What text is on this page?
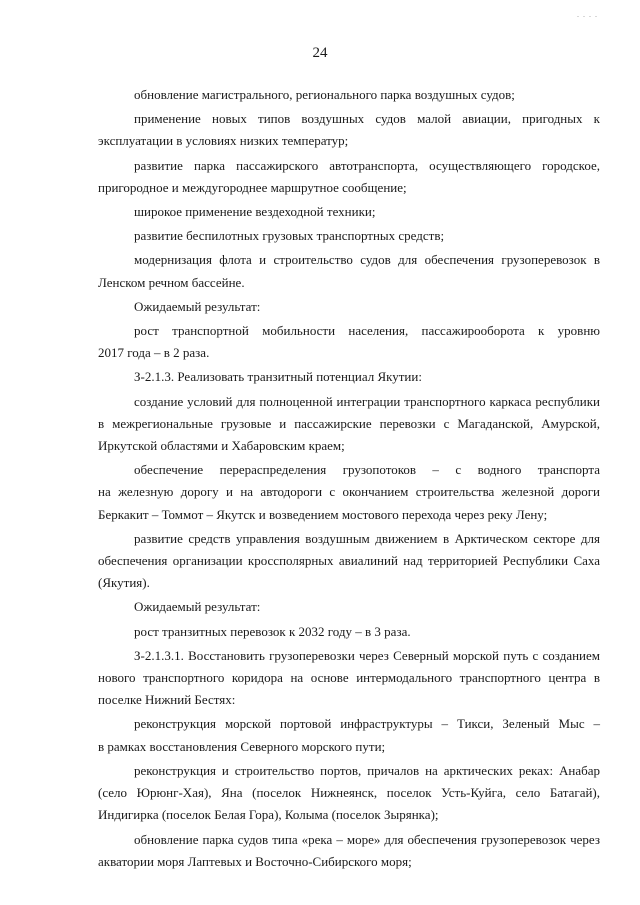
. . . .
24

обновление магистрального, регионального парка воздушных судов;

применение новых типов воздушных судов малой авиации, пригодных к

эксплуатации в условиях низких температур;

развитие парка пассажирского автотранспорта, осуществляющего городское,

пригородное и междугороднее маршрутное сообщение;

широкое применение вездеходной техники;

развитие беспилотных грузовых транспортных средств;

модернизация флота и строительство судов для обеспечения грузоперевозок в

Ленском речном бассейне.

Ожидаемый результат:

рост транспортной мобильности населения, пассажирооборота к уровню

2017 года – в 2 раза.

З-2.1.3. Реализовать транзитный потенциал Якутии:

создание условий для полноценной интеграции транспортного каркаса республики

в межрегиональные грузовые и пассажирские перевозки с Магаданской, Амурской,

Иркутской областями и Хабаровским краем;

обеспечение перераспределения грузопотоков – с водного транспорта

на железную дорогу и на автодороги с окончанием строительства железной дороги

Беркакит – Томмот – Якутск и возведением мостового перехода через реку Лену;

развитие средств управления воздушным движением в Арктическом секторе для

обеспечения организации кроссполярных авиалиний над территорией Республики Саха

(Якутия).

Ожидаемый результат:

рост транзитных перевозок к 2032 году – в 3 раза.

З-2.1.3.1. Восстановить грузоперевозки через Северный морской путь с созданием

нового транспортного коридора на основе интермодального транспортного центра в

поселке Нижний Бестях:

реконструкция морской портовой инфраструктуры – Тикси, Зеленый Мыс –

в рамках восстановления Северного морского пути;

реконструкция и строительство портов, причалов на арктических реках: Анабар

(село Юрюнг-Хая), Яна (поселок Нижнеянск, поселок Усть-Куйга, село Батагай),

Индигирка (поселок Белая Гора), Колыма (поселок Зырянка);

обновление парка судов типа «река – море» для обеспечения грузоперевозок через

акватории моря Лаптевых и Восточно-Сибирского моря;
